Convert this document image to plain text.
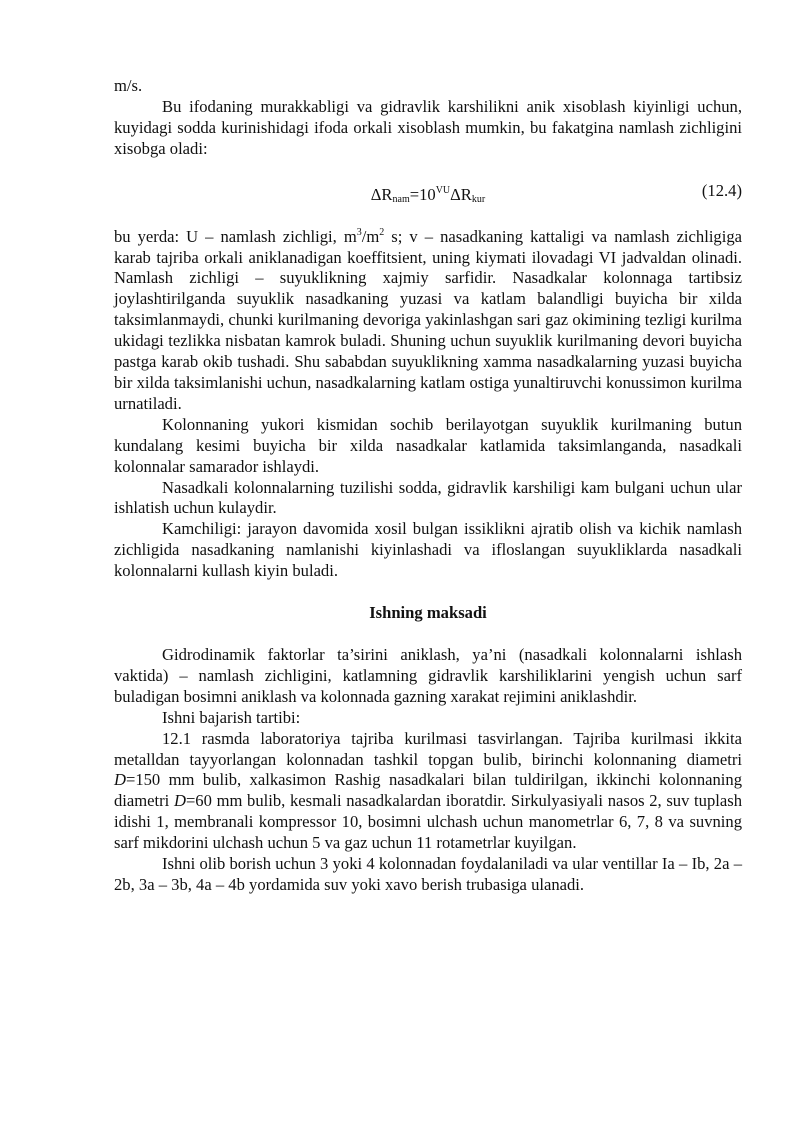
m/s.

Bu ifodaning murakkabligi va gidravlik karshilikni anik xisoblash kiyinligi uchun, kuyidagi sodda kurinishidagi ifoda orkali xisoblash mumkin, bu fakatgina namlash zichligini xisobga oladi:

$\Delta R_{nam}=10^{VU}\Delta R_{kur}$	(12.4)

bu yerda: U – namlash zichligi, $m^3/m^2$ s; v – nasadkaning kattaligi va namlash zichligiga karab tajriba orkali aniklanadigan koeffitsient, uning kiymati ilovadagi VI jadvaldan olinadi. Namlash zichligi – suyuklikning xajmiy sarfidir. Nasadkalar kolonnaga tartibsiz joylashtirilganda suyuklik nasadkaning yuzasi va katlam balandligi buyicha bir xilda taksimlanmaydi, chunki kurilmaning devoriga yakinlashgan sari gaz okimining tezligi kurilma ukidagi tezlikka nisbatan kamrok buladi. Shuning uchun suyuklik kurilmaning devori buyicha pastga karab okib tushadi. Shu sababdan suyuklikning xamma nasadkalarning yuzasi buyicha bir xilda taksimlanishi uchun, nasadkalarning katlam ostiga yunaltiruvchi konussimon kurilma urnatiladi.

Kolonnaning yukori kismidan sochib berilayotgan suyuklik kurilmaning butun kundalang kesimi buyicha bir xilda nasadkalar katlamida taksimlanganda, nasadkali kolonnalar samarador ishlaydi.

Nasadkali kolonnalarning tuzilishi sodda, gidravlik karshiligi kam bulgani uchun ular ishlatish uchun kulaydir.

Kamchiligi: jarayon davomida xosil bulgan issiklikni ajratib olish va kichik namlash zichligida nasadkaning namlanishi kiyinlashadi va ifloslangan suyukliklarda nasadkali kolonnalarni kullash kiyin buladi.

Ishning maksadi

Gidrodinamik faktorlar ta’sirini aniklash, ya’ni (nasadkali kolonnalarni ishlash vaktida) – namlash zichligini, katlamning gidravlik karshiliklarini yengish uchun sarf buladigan bosimni aniklash va kolonnada gazning xarakat rejimini aniklashdir.

Ishni bajarish tartibi:

12.1 rasmda laboratoriya tajriba kurilmasi tasvirlangan. Tajriba kurilmasi ikkita metalldan tayyorlangan kolonnadan tashkil topgan bulib, birinchi kolonnaning diametri D=150 mm bulib, xalkasimon Rashig nasadkalari bilan tuldirilgan, ikkinchi kolonnaning diametri D=60 mm bulib, kesmali nasadkalardan iboratdir. Sirkulyasiyali nasos 2, suv tuplash idishi 1, membranali kompressor 10, bosimni ulchash uchun manometrlar 6, 7, 8 va suvning sarf mikdorini ulchash uchun 5 va gaz uchun 11 rotametrlar kuyilgan.

Ishni olib borish uchun 3 yoki 4 kolonnadan foydalaniladi va ular ventillar Ia – Ib, 2a – 2b, 3a – 3b, 4a – 4b yordamida suv yoki xavo berish trubasiga ulanadi.
